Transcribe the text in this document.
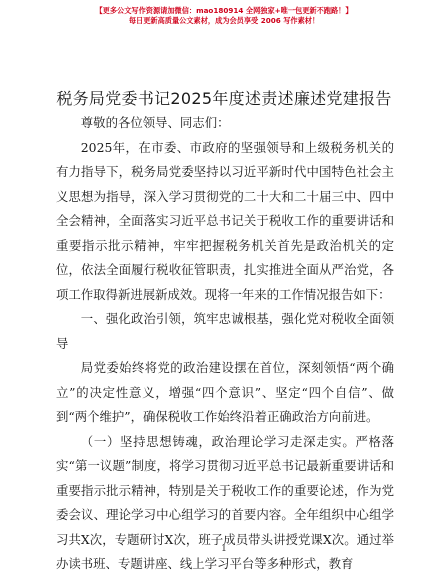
【更多公文写作资源请加微信：mao180914 全网独家+唯一包更新不跑路！】
每日更新高质量公文素材，成为会员享受 2006 写作素材！
税务局党委书记2025年度述责述廉述党建报告

尊敬的各位领导、同志们：

2025年，在市委、市政府的坚强领导和上级税务机关的有力指导下，税务局党委坚持以习近平新时代中国特色社会主义思想为指导，深入学习贯彻党的二十大和二十届三中、四中全会精神，全面落实习近平总书记关于税收工作的重要讲话和重要指示批示精神，牢牢把握税务机关首先是政治机关的定位，依法全面履行税收征管职责，扎实推进全面从严治党，各项工作取得新进展新成效。现将一年来的工作情况报告如下：

一、强化政治引领，筑牢忠诚根基，强化党对税收全面领导

局党委始终将党的政治建设摆在首位，深刻领悟“两个确立”的决定性意义，增强“四个意识”、坚定“四个自信”、做到“两个维护”，确保税收工作始终沿着正确政治方向前进。

（一）坚持思想铸魂，政治理论学习走深走实。严格落实“第一议题”制度，将学习贯彻习近平总书记最新重要讲话和重要指示批示精神，特别是关于税收工作的重要论述，作为党委会议、理论学习中心组学习的首要内容。全年组织中心组学习共X次，专题研讨X次，班子成员带头讲授党课X次。通过举办读书班、专题讲座、线上学习平台等多种形式，教育

1
